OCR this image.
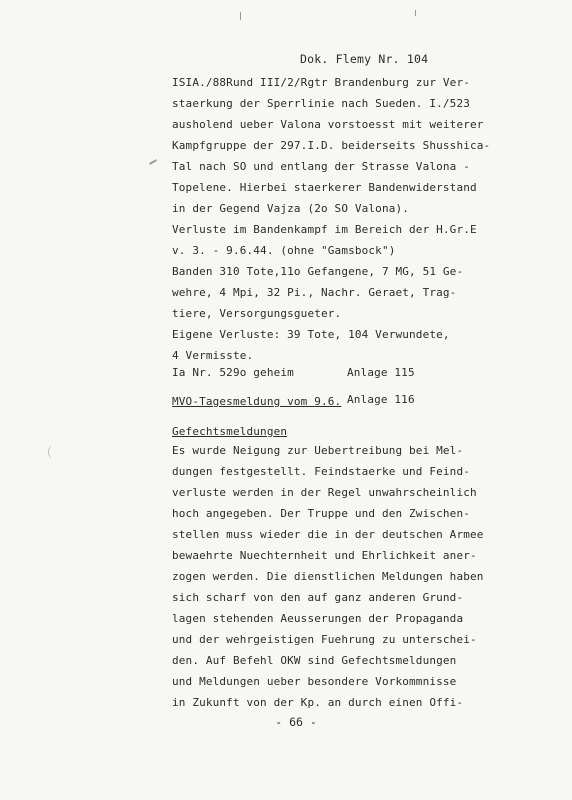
Dok. Flemy Nr. 104
ISIA./88Rund III/2/Rgtr Brandenburg zur Ver-
staerkung der Sperrlinie nach Sueden. I./523
ausholend ueber Valona vorstoesst mit weiterer
Kampfgruppe der 297.I.D. beiderseits Shusshica-
Tal nach SO und entlang der Strasse Valona -
Topelene. Hierbei staerkerer Bandenwiderstand
in der Gegend Vajza (2o SO Valona).
Verluste im Bandenkampf im Bereich der H.Gr.E
v. 3. - 9.6.44. (ohne "Gamsbock")
Banden 310 Tote,11o Gefangene, 7 MG, 51 Ge-
wehre, 4 Mpi, 32 Pi., Nachr. Geraet, Trag-
tiere, Versorgungsgueter.
Eigene Verluste: 39 Tote, 104 Verwundete,
4 Vermisste.
Ia Nr. 529o geheim	Anlage 115
MVO-Tagesmeldung vom 9.6. Anlage 116
Gefechtsmeldungen
Es wurde Neigung zur Uebertreibung bei Mel-
dungen festgestellt. Feindstaerke und Feind-
verluste werden in der Regel unwahrscheinlich
hoch angegeben. Der Truppe und den Zwischen-
stellen muss wieder die in der deutschen Armee
bewaehrte Nuechternheit und Ehrlichkeit aner-
zogen werden. Die dienstlichen Meldungen haben
sich scharf von den auf ganz anderen Grund-
lagen stehenden Aeusserungen der Propaganda
und der wehrgeistigen Fuehrung zu unterschei-
den. Auf Befehl OKW sind Gefechtsmeldungen
und Meldungen ueber besondere Vorkommnisse
in Zukunft von der Kp. an durch einen Offi-
- 66 -
